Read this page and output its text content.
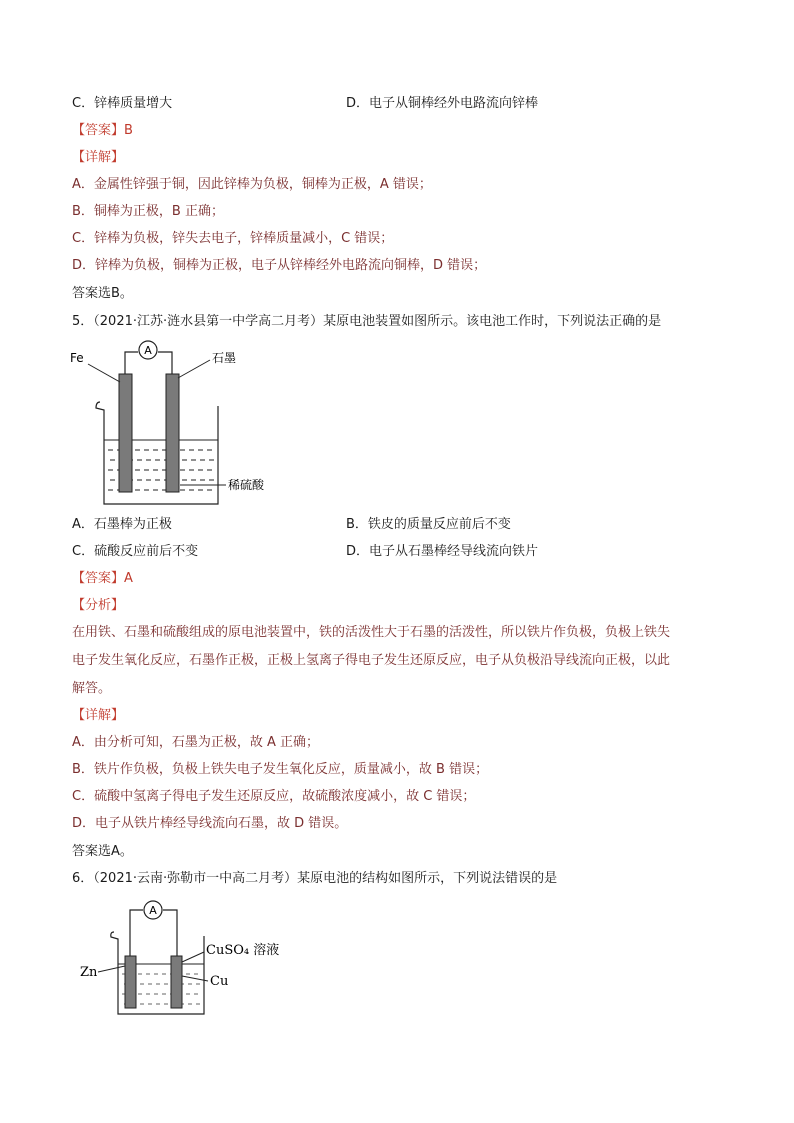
C．锌棒质量增大	D．电子从铜棒经外电路流向锌棒
【答案】B
【详解】
A．金属性锌强于铜，因此锌棒为负极，铜棒为正极，A 错误；
B．铜棒为正极，B 正确；
C．锌棒为负极，锌失去电子，锌棒质量减小，C 错误；
D．锌棒为负极，铜棒为正极，电子从锌棒经外电路流向铜棒，D 错误；
答案选B。
5．（2021·江苏·涟水县第一中学高二月考）某原电池装置如图所示。该电池工作时，下列说法正确的是
A
Fe	石墨
稀硫酸
A．石墨棒为正极	B．铁皮的质量反应前后不变
C．硫酸反应前后不变	D．电子从石墨棒经导线流向铁片
【答案】A
【分析】
在用铁、石墨和硫酸组成的原电池装置中，铁的活泼性大于石墨的活泼性，所以铁片作负极，负极上铁失
电子发生氧化反应，石墨作正极，正极上氢离子得电子发生还原反应，电子从负极沿导线流向正极，以此
解答。
【详解】
A．由分析可知，石墨为正极，故 A 正确；
B．铁片作负极，负极上铁失电子发生氧化反应，质量减小，故 B 错误；
C．硫酸中氢离子得电子发生还原反应，故硫酸浓度减小，故 C 错误；
D．电子从铁片棒经导线流向石墨，故 D 错误。
答案选A。
6．（2021·云南·弥勒市一中高二月考）某原电池的结构如图所示，下列说法错误的是
A
CuSO₄ 溶液
Zn
Cu
